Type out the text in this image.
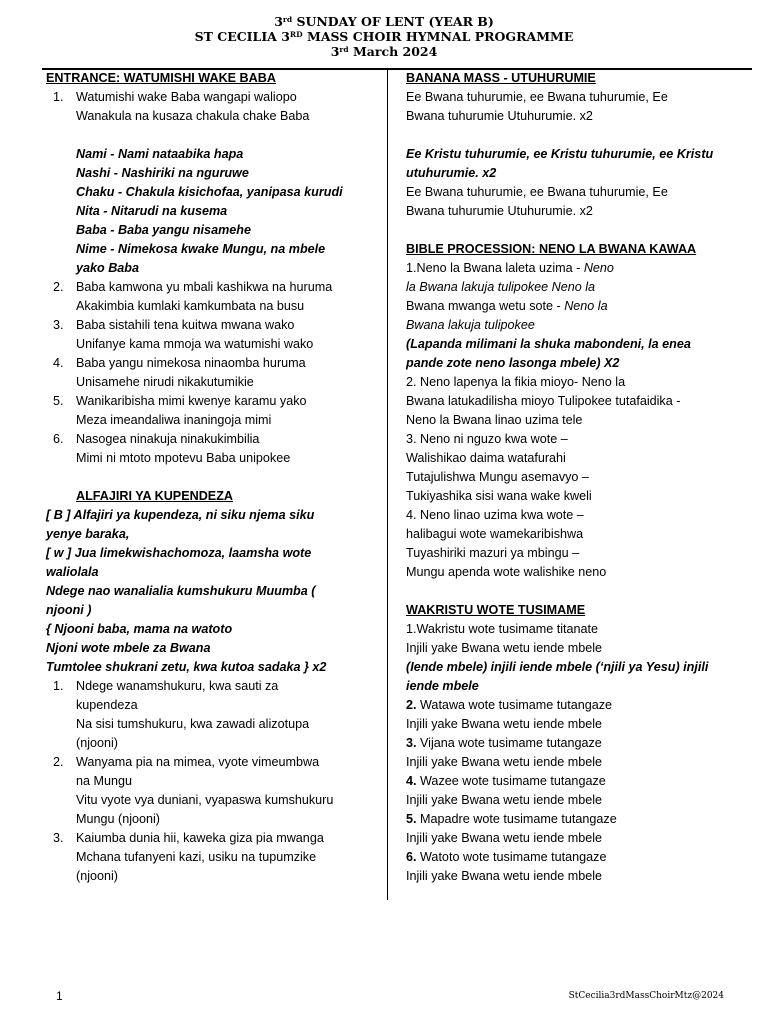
3rd SUNDAY OF LENT (YEAR B)
ST CECILIA 3RD MASS CHOIR HYMNAL PROGRAMME
3rd March 2024
ENTRANCE: WATUMISHI WAKE BABA
1. Watumishi wake Baba wangapi waliopo
Wanakula na kusaza chakula chake Baba
Nami - Nami nataabika hapa
Nashi - Nashiriki na nguruwe
Chaku - Chakula kisichofaa, yanipasa kurudi
Nita - Nitarudi na kusema
Baba - Baba yangu nisamehe
Nime - Nimekosa kwake Mungu, na mbele
yako Baba
2. Baba kamwona yu mbali kashikwa na huruma
Akakimbia kumlaki kamkumbata na busu
3. Baba sistahili tena kuitwa mwana wako
Unifanye kama mmoja wa watumishi wako
4. Baba yangu nimekosa ninaomba huruma
Unisamehe nirudi nikakutumikie
5. Wanikaribisha mimi kwenye karamu yako
Meza imeandaliwa inaningoja mimi
6. Nasogea ninakuja ninakukimbilia
Mimi ni mtoto mpotevu Baba unipokee
ALFAJIRI YA KUPENDEZA
[ B ] Alfajiri ya kupendeza, ni siku njema siku
yenye baraka,
[ w ] Jua limekwishachomoza, laamsha wote
waliolala
Ndege nao wanalialia kumshukuru Muumba (
njooni )
{ Njooni baba, mama na watoto
Njoni wote mbele za Bwana
Tumtolee shukrani zetu, kwa kutoa sadaka } x2
1. Ndege wanamshukuru, kwa sauti za
kupendeza
Na sisi tumshukuru, kwa zawadi alizotupa
(njooni)
2. Wanyama pia na mimea, vyote vimeumbwa
na Mungu
Vitu vyote vya duniani, vyapaswa kumshukuru
Mungu (njooni)
3. Kaiumba dunia hii, kaweka giza pia mwanga
Mchana tufanyeni kazi, usiku na tupumzike
(njooni)
BANANA MASS - UTUHURUMIE
Ee Bwana tuhurumie, ee Bwana tuhurumie, Ee
Bwana tuhurumie Utuhurumie. x2
Ee Kristu tuhurumie, ee Kristu tuhurumie, ee Kristu
utuhurumie. x2
Ee Bwana tuhurumie, ee Bwana tuhurumie, Ee
Bwana tuhurumie Utuhurumie. x2
BIBLE PROCESSION: NENO LA BWANA KAWAA
1.Neno la Bwana laleta uzima - Neno
la Bwana lakuja tulipokee Neno la
Bwana mwanga wetu sote - Neno la
Bwana lakuja tulipokee
(Lapanda milimani la shuka mabondeni, la enea
pande zote neno lasonga mbele) X2
2. Neno lapenya la fikia mioyo- Neno la
Bwana latukadilisha mioyo Tulipokee tutafaidika -
Neno la Bwana linao uzima tele
3. Neno ni nguzo kwa wote –
Walishikao daima watafurahi
Tutajulishwa Mungu asemavyo –
Tukiyashika sisi wana wake kweli
4. Neno linao uzima kwa wote –
halibagui wote wamekaribishwa
Tuyashiriki mazuri ya mbingu –
Mungu apenda wote walishike neno
WAKRISTU WOTE TUSIMAME
1.Wakristu wote tusimame titanate
Injili yake Bwana wetu iende mbele
(Iende mbele) injili iende mbele (‘njili ya Yesu) injili
iende mbele
2. Watawa wote tusimame tutangaze
Injili yake Bwana wetu iende mbele
3. Vijana wote tusimame tutangaze
Injili yake Bwana wetu iende mbele
4. Wazee wote tusimame tutangaze
Injili yake Bwana wetu iende mbele
5. Mapadre wote tusimame tutangaze
Injili yake Bwana wetu iende mbele
6. Watoto wote tusimame tutangaze
Injili yake Bwana wetu iende mbele
1	StCecilia3rdMassChoirMtz@2024
